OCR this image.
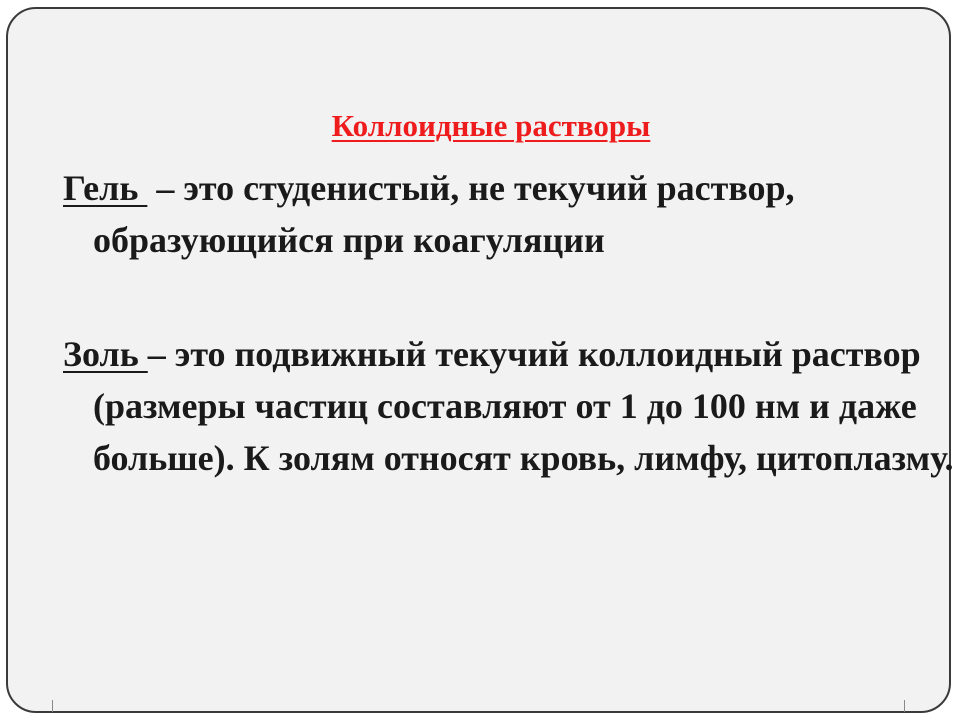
Коллоидные растворы
Гель  – это студенистый, не текучий раствор, образующийся при коагуляции
Золь – это подвижный текучий коллоидный раствор (размеры частиц составляют от 1 до 100 нм и даже больше). К золям относят кровь, лимфу, цитоплазму.
